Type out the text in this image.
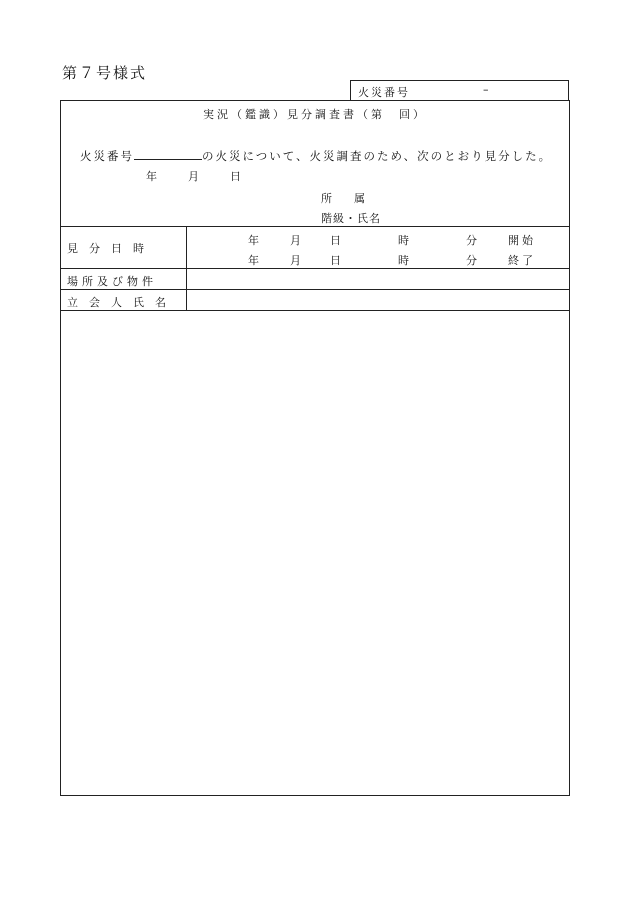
第７号様式
火災番号	–
実況（鑑識）見分調査書（第　回）
火災番号	の火災について、火災調査のため、次のとおり見分した。
年	月	日
所　　属
階級・氏名
見　分　日　時
年	月	日	時	分	開始
年	月	日	時	分	終了
場所及び物件
立　会　人　氏　名
